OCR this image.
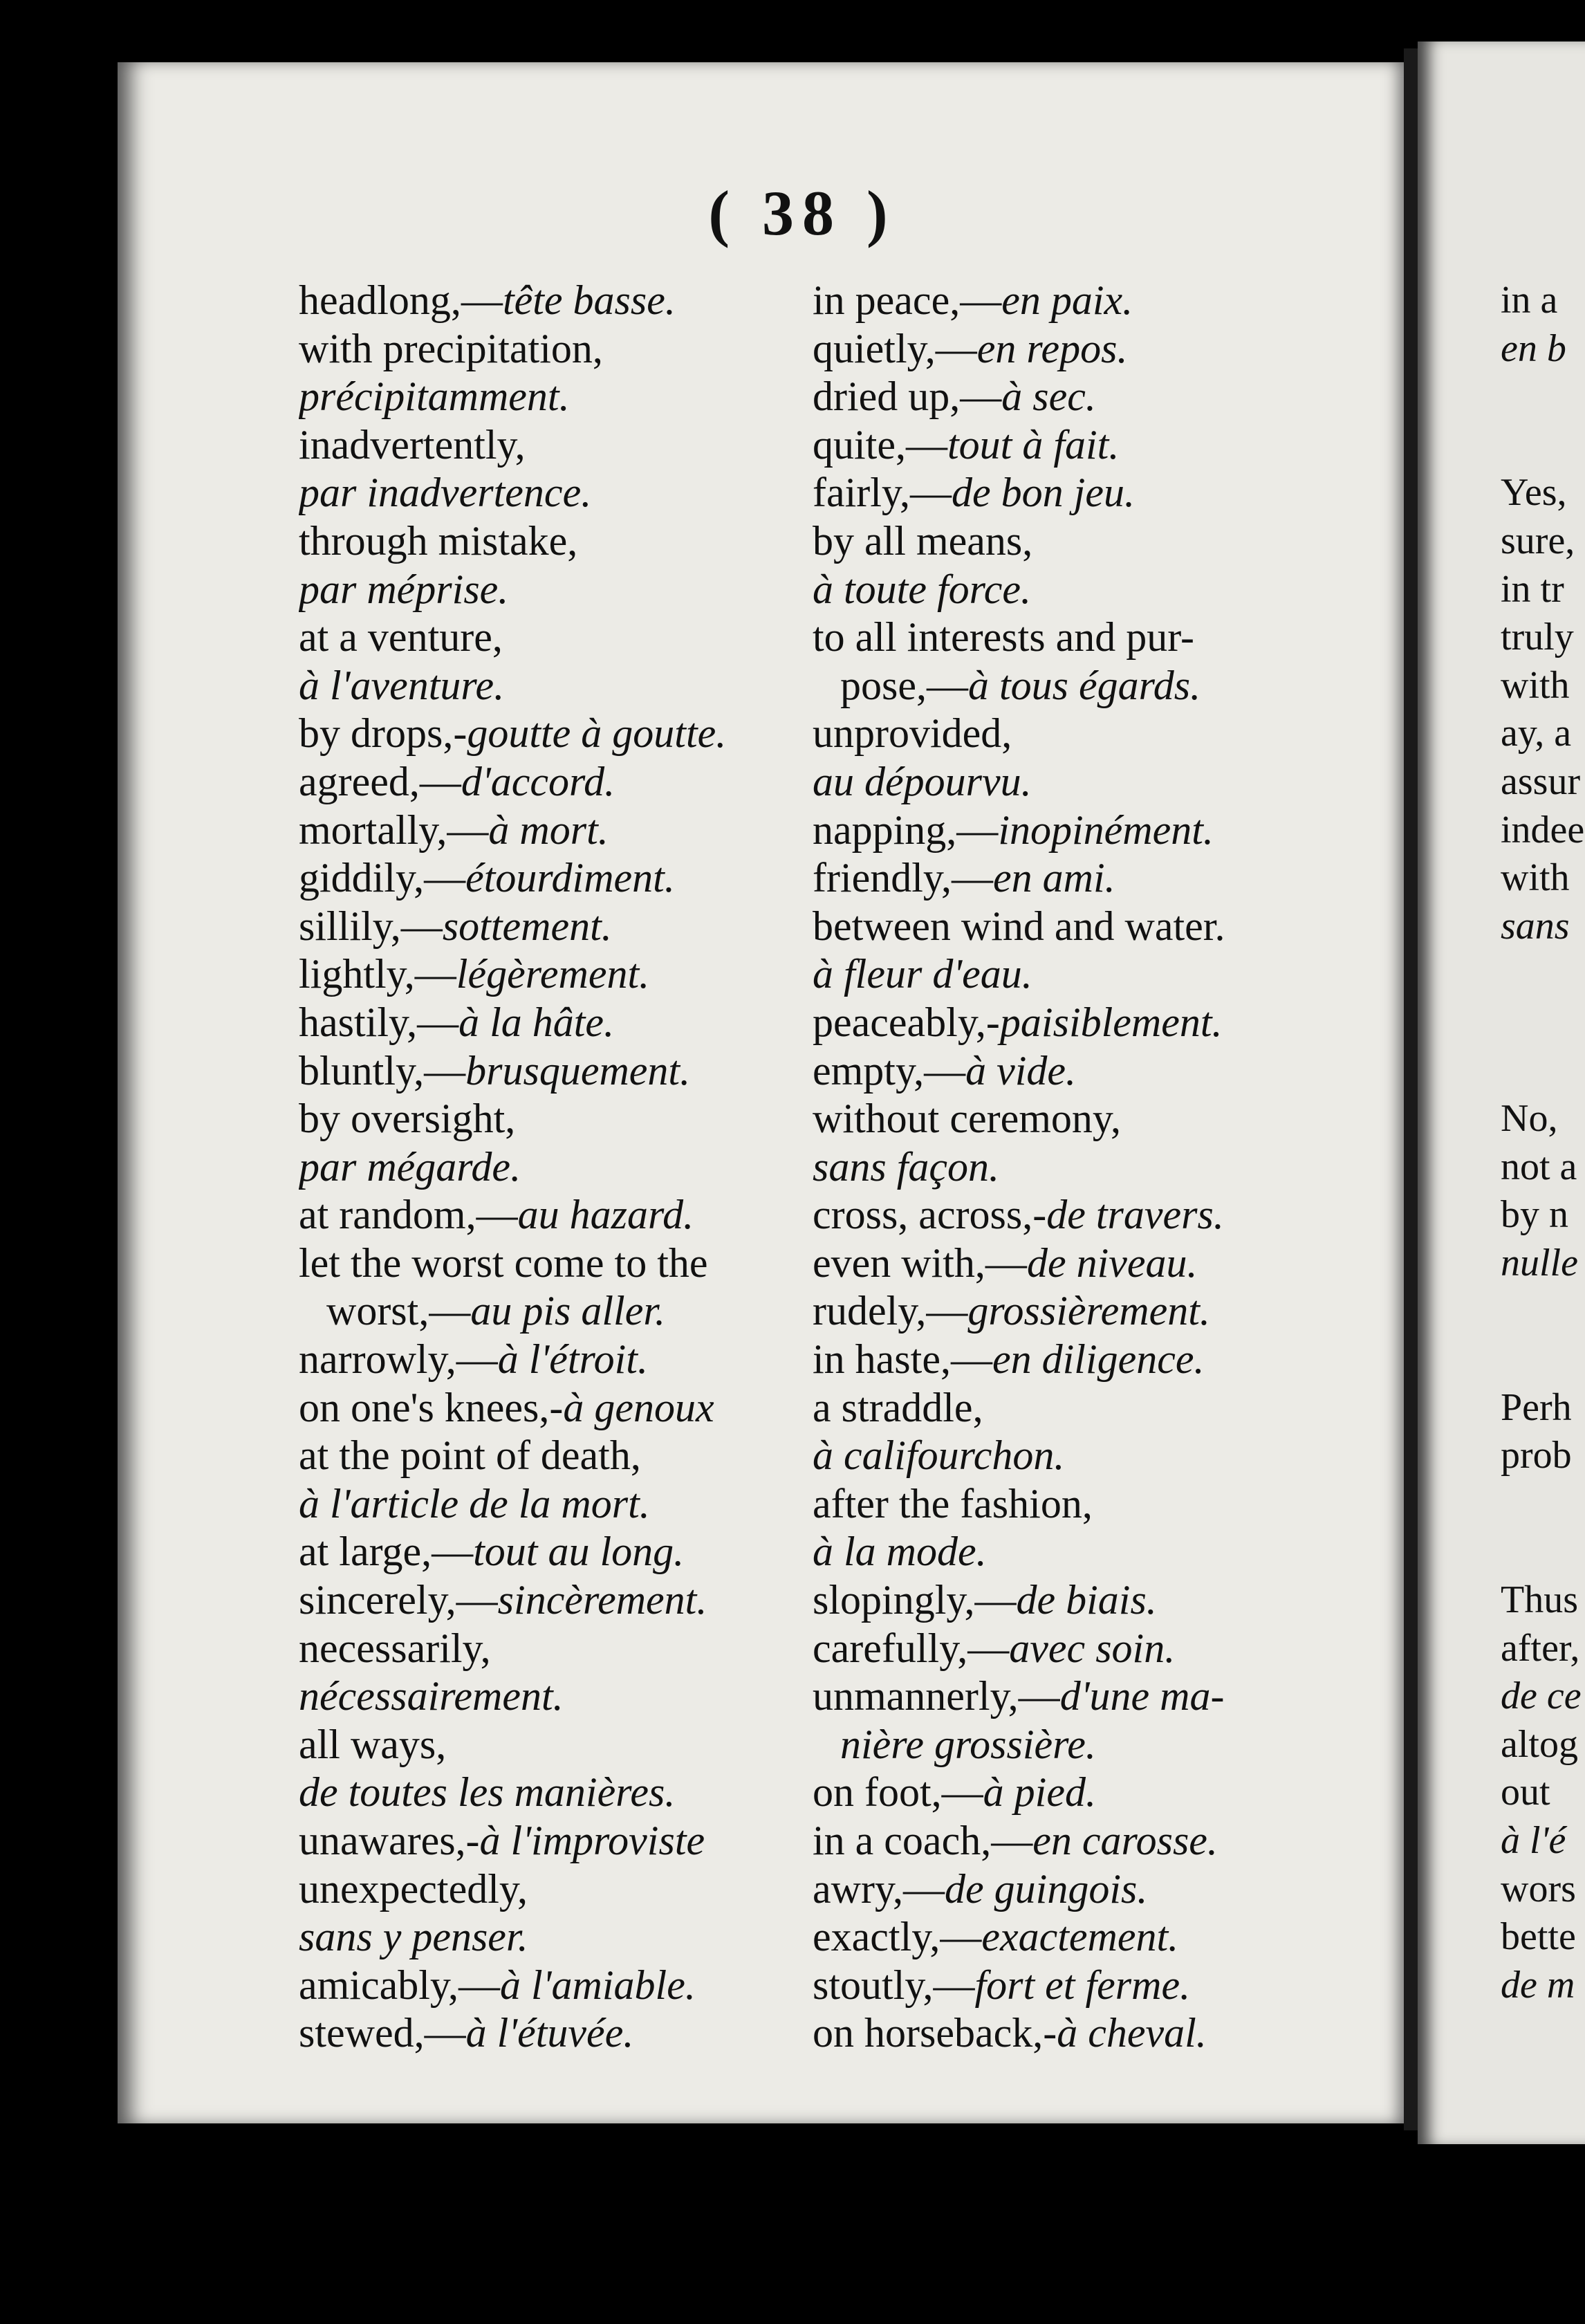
( 38 )
headlong,—tête basse.
with precipitation,
précipitamment.
inadvertently,
par inadvertence.
through mistake,
par méprise.
at a venture,
à l'aventure.
by drops,-goutte à goutte.
agreed,—d'accord.
mortally,—à mort.
giddily,—étourdiment.
sillily,—sottement.
lightly,—légèrement.
hastily,—à la hâte.
bluntly,—brusquement.
by oversight,
par mégarde.
at random,—au hazard.
let the worst come to the
worst,—au pis aller.
narrowly,—à l'étroit.
on one's knees,-à genoux
at the point of death,
à l'article de la mort.
at large,—tout au long.
sincerely,—sincèrement.
necessarily,
nécessairement.
all ways,
de toutes les manières.
unawares,-à l'improviste
unexpectedly,
sans y penser.
amicably,—à l'amiable.
stewed,—à l'étuvée.
in peace,—en paix.
quietly,—en repos.
dried up,—à sec.
quite,—tout à fait.
fairly,—de bon jeu.
by all means,
à toute force.
to all interests and pur-
pose,—à tous égards.
unprovided,
au dépourvu.
napping,—inopinément.
friendly,—en ami.
between wind and water.
à fleur d'eau.
peaceably,-paisiblement.
empty,—à vide.
without ceremony,
sans façon.
cross, across,-de travers.
even with,—de niveau.
rudely,—grossièrement.
in haste,—en diligence.
a straddle,
à califourchon.
after the fashion,
à la mode.
slopingly,—de biais.
carefully,—avec soin.
unmannerly,—d'une ma-
nière grossière.
on foot,—à pied.
in a coach,—en carosse.
awry,—de guingois.
exactly,—exactement.
stoutly,—fort et ferme.
on horseback,-à cheval.
in a
en b
Yes,
sure,
in tr
truly
with
ay, a
assur
indee
with
sans
No,
not a
by n
nulle
Perh
prob
Thus
after,
de ce
altog
out
à l'é
wors
bette
de m
